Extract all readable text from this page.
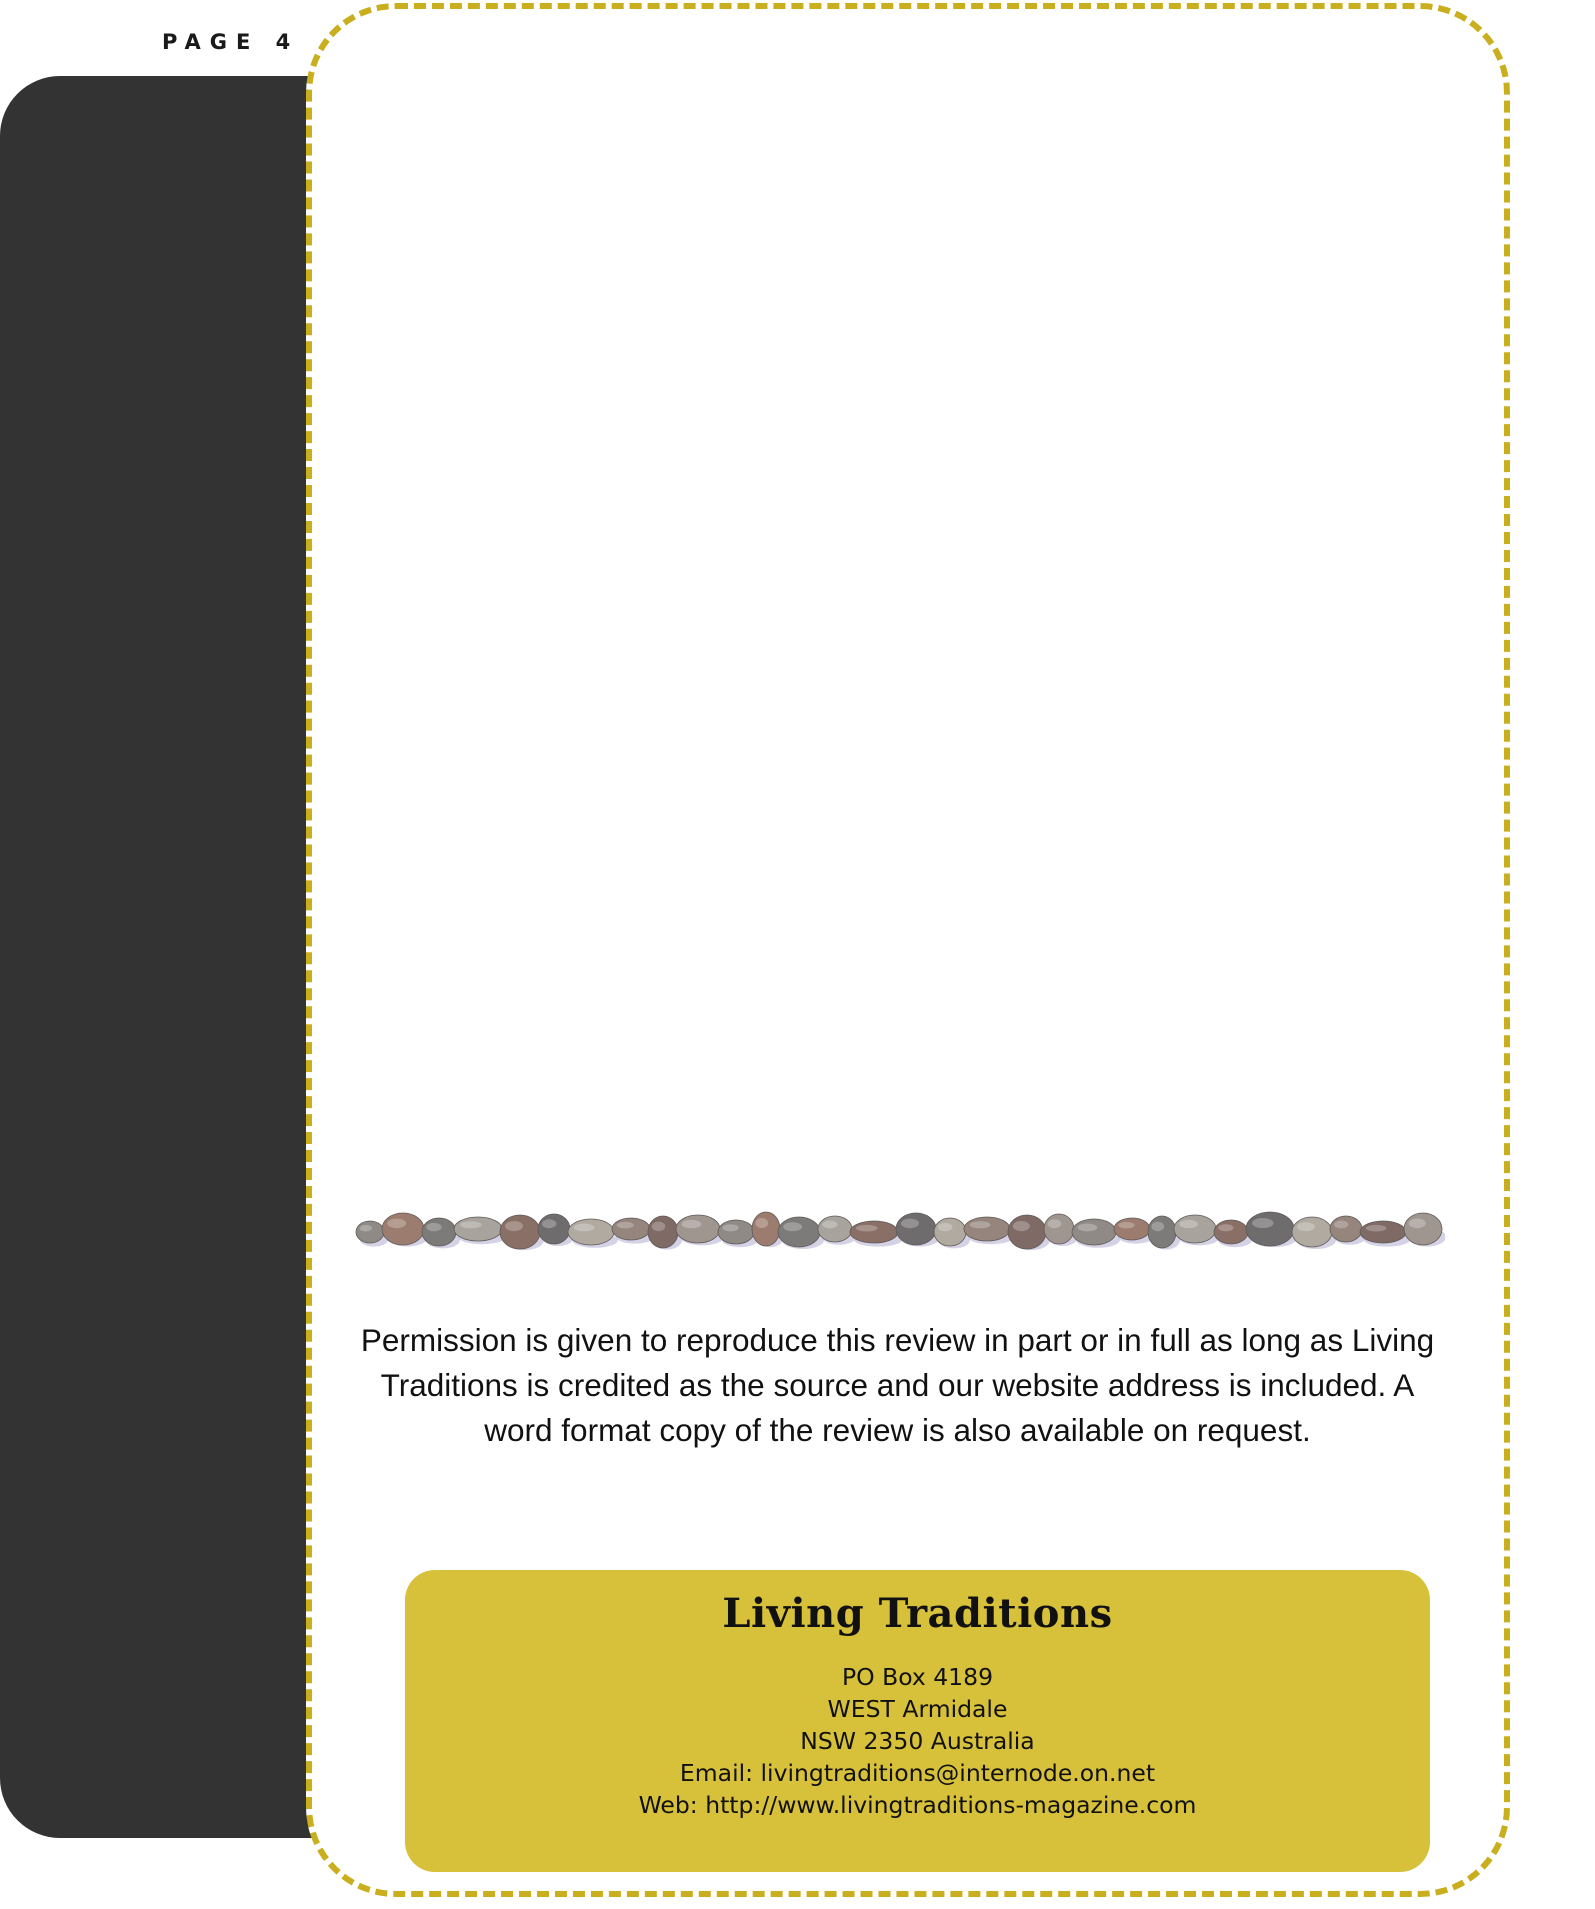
PAGE 4

Permission is given to reproduce this review in part or in full as long as Living Traditions is credited as the source and our website address is included. A word format copy of the review is also available on request.

Living Traditions
PO Box 4189
WEST Armidale
NSW 2350 Australia
Email: livingtraditions@internode.on.net
Web: http://www.livingtraditions-magazine.com
